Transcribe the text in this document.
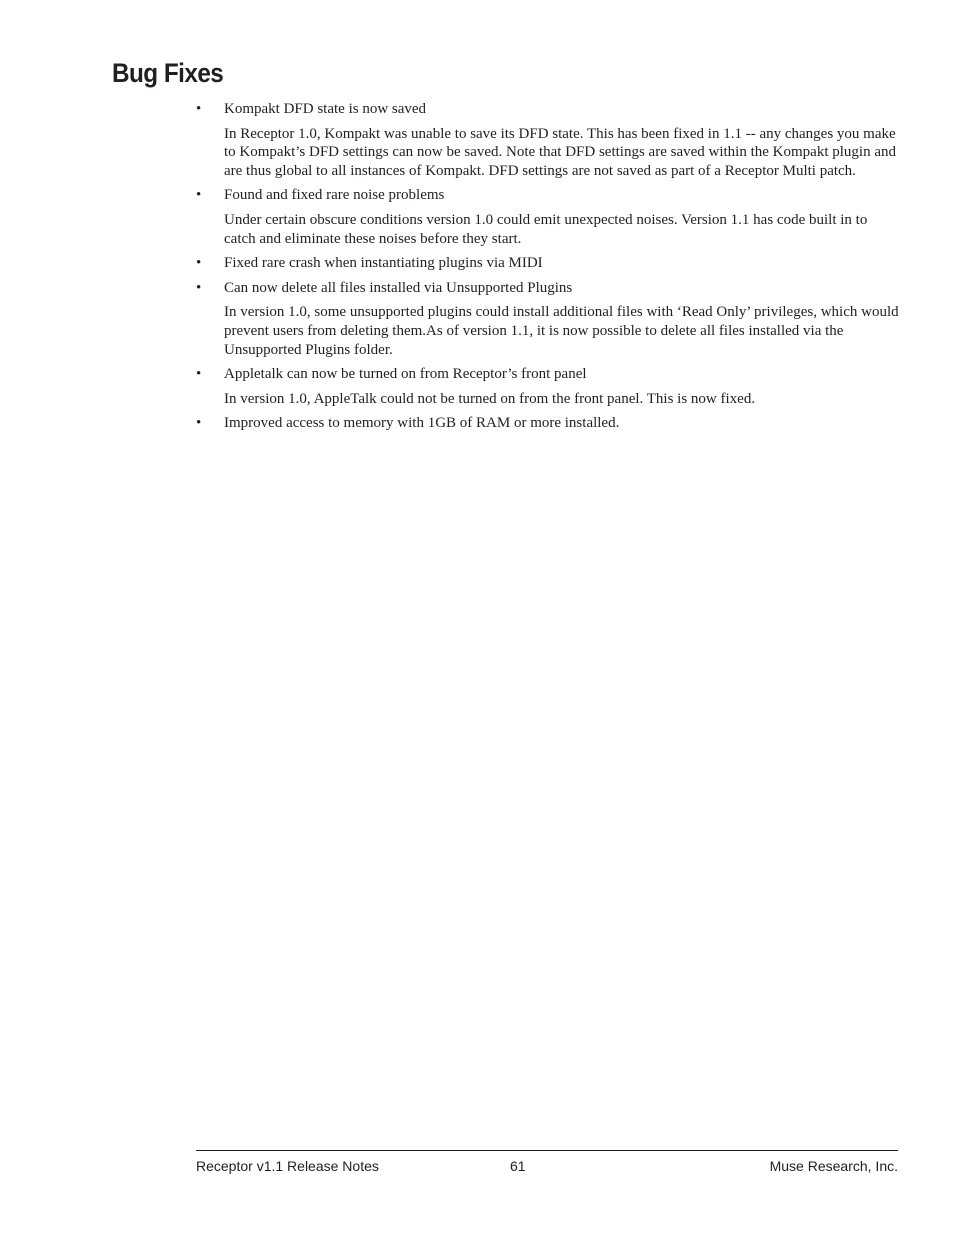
Bug Fixes

• Kompakt DFD state is now saved

In Receptor 1.0, Kompakt was unable to save its DFD state. This has been fixed in 1.1 -- any changes you make to Kompakt’s DFD settings can now be saved. Note that DFD settings are saved within the Kompakt plugin and are thus global to all instances of Kompakt. DFD settings are not saved as part of a Receptor Multi patch.

• Found and fixed rare noise problems

Under certain obscure conditions version 1.0 could emit unexpected noises. Version 1.1 has code built in to catch and eliminate these noises before they start.

• Fixed rare crash when instantiating plugins via MIDI

• Can now delete all files installed via Unsupported Plugins

In version 1.0, some unsupported plugins could install additional files with ‘Read Only’ privileges, which would prevent users from deleting them.As of version 1.1, it is now possible to delete all files installed via the Unsupported Plugins folder.

• Appletalk can now be turned on from Receptor’s front panel

In version 1.0, AppleTalk could not be turned on from the front panel. This is now fixed.

• Improved access to memory with 1GB of RAM or more installed.

Receptor v1.1 Release Notes	61	Muse Research, Inc.
